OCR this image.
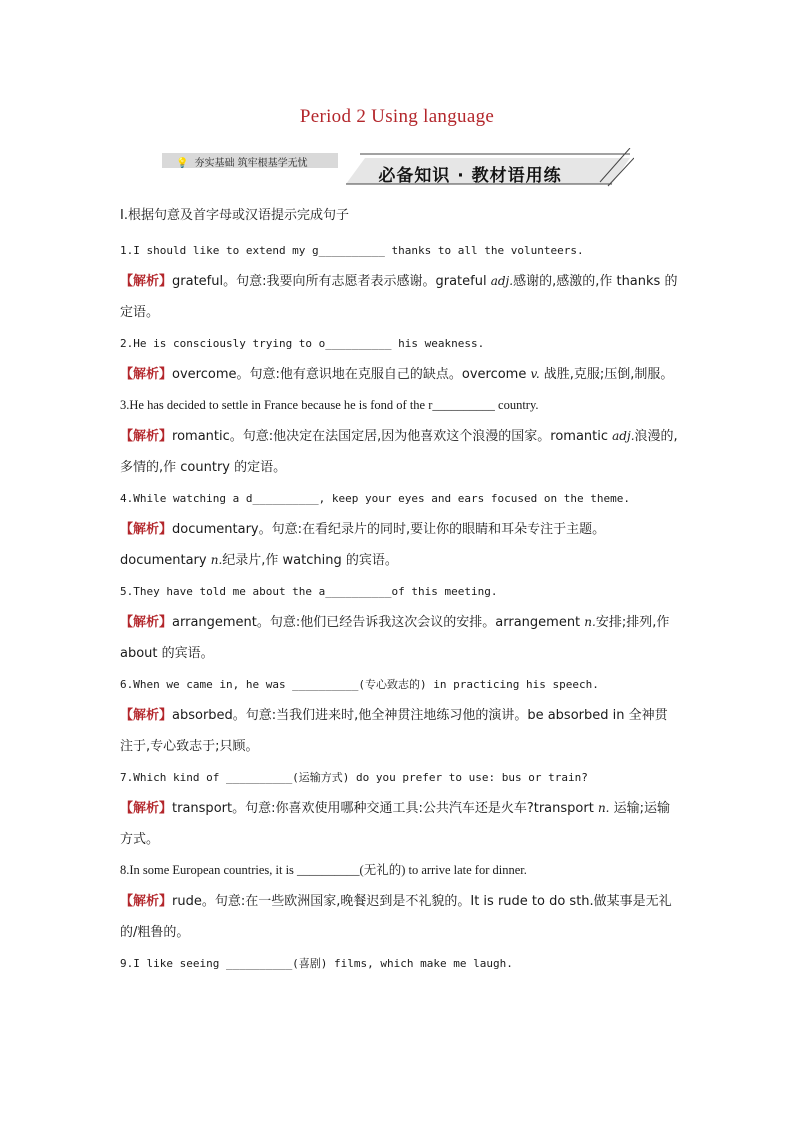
Period 2 Using language
💡 夯实基础 筑牢根基学无忧
必备知识 · 教材语用练
Ⅰ.根据句意及首字母或汉语提示完成句子
1.I should like to extend my g__________ thanks to all the volunteers.
【解析】grateful。句意:我要向所有志愿者表示感谢。grateful adj.感谢的,感激的,作 thanks 的定语。
2.He is consciously trying to o__________ his weakness.
【解析】overcome。句意:他有意识地在克服自己的缺点。overcome v. 战胜,克服;压倒,制服。
3.He has decided to settle in France because he is fond of the r__________ country.
【解析】romantic。句意:他决定在法国定居,因为他喜欢这个浪漫的国家。romantic adj.浪漫的,多情的,作 country 的定语。
4.While watching a d__________, keep your eyes and ears focused on the theme.
【解析】documentary。句意:在看纪录片的同时,要让你的眼睛和耳朵专注于主题。documentary n.纪录片,作 watching 的宾语。
5.They have told me about the a__________of this meeting.
【解析】arrangement。句意:他们已经告诉我这次会议的安排。arrangement n.安排;排列,作 about 的宾语。
6.When we came in, he was __________(专心致志的) in practicing his speech.
【解析】absorbed。句意:当我们进来时,他全神贯注地练习他的演讲。be absorbed in 全神贯注于,专心致志于;只顾。
7.Which kind of __________(运输方式) do you prefer to use: bus or train?
【解析】transport。句意:你喜欢使用哪种交通工具:公共汽车还是火车?transport n. 运输;运输方式。
8.In some European countries, it is __________(无礼的) to arrive late for dinner.
【解析】rude。句意:在一些欧洲国家,晚餐迟到是不礼貌的。It is rude to do sth.做某事是无礼的/粗鲁的。
9.I like seeing __________(喜剧) films, which make me laugh.
